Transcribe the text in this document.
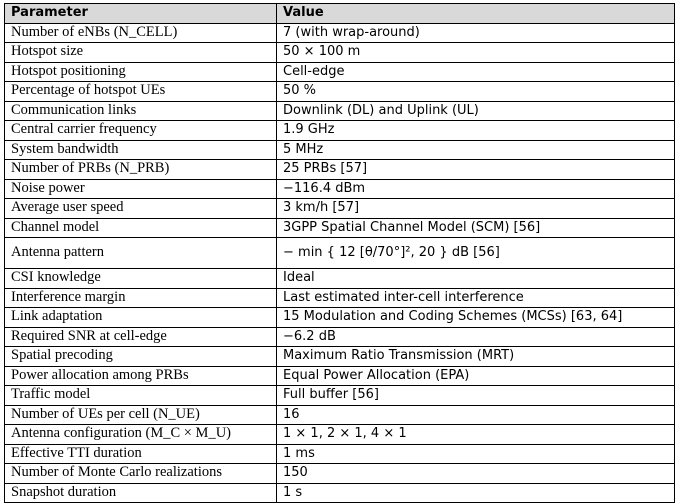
Parameter	Value
Number of eNBs (N_CELL)	7 (with wrap-around)
Hotspot size	50 × 100 m
Hotspot positioning	Cell-edge
Percentage of hotspot UEs	50 %
Communication links	Downlink (DL) and Uplink (UL)
Central carrier frequency	1.9 GHz
System bandwidth	5 MHz
Number of PRBs (N_PRB)	25 PRBs [57]
Noise power	−116.4 dBm
Average user speed	3 km/h [57]
Channel model	3GPP Spatial Channel Model (SCM) [56]
Antenna pattern	− min { 12 [θ/70°]², 20 } dB [56]
CSI knowledge	Ideal
Interference margin	Last estimated inter-cell interference
Link adaptation	15 Modulation and Coding Schemes (MCSs) [63, 64]
Required SNR at cell-edge	−6.2 dB
Spatial precoding	Maximum Ratio Transmission (MRT)
Power allocation among PRBs	Equal Power Allocation (EPA)
Traffic model	Full buffer [56]
Number of UEs per cell (N_UE)	16
Antenna configuration (M_C × M_U)	1 × 1, 2 × 1, 4 × 1
Effective TTI duration	1 ms
Number of Monte Carlo realizations	150
Snapshot duration	1 s
